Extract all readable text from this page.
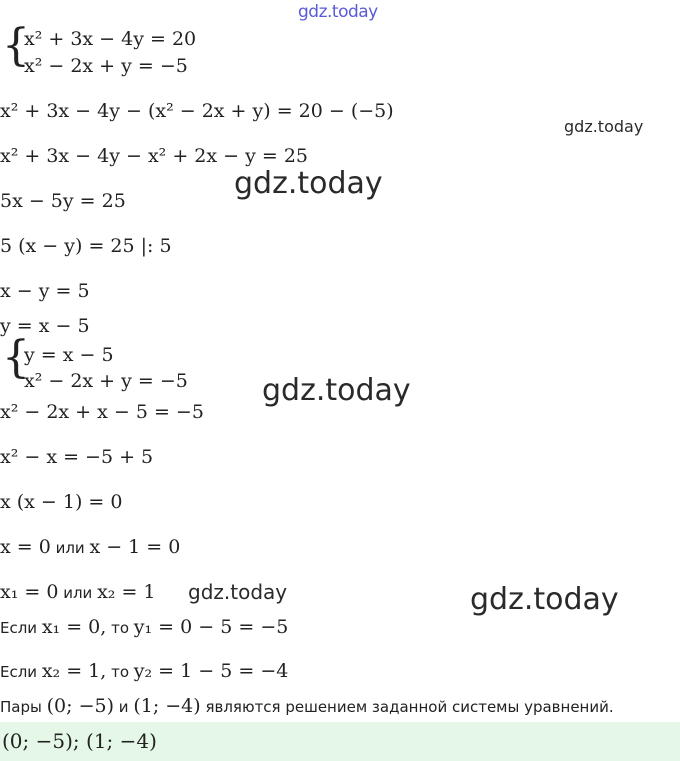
gdz.today
gdz.today
gdz.today
gdz.today
gdz.today	gdz.today
{
x² + 3x − 4y = 20
x² − 2x + y = −5
x² + 3x − 4y − (x² − 2x + y) = 20 − (−5)
x² + 3x − 4y − x² + 2x − y = 25
5x − 5y = 25
5 (x − y) = 25 |: 5
x − y = 5
y = x − 5
{
y = x − 5
x² − 2x + y = −5
x² − 2x + x − 5 = −5
x² − x = −5 + 5
x (x − 1) = 0
x = 0 или x − 1 = 0
x₁ = 0 или x₂ = 1
Если x₁ = 0, то y₁ = 0 − 5 = −5
Если x₂ = 1, то y₂ = 1 − 5 = −4
Пары (0; −5) и (1; −4) являются решением заданной системы уравнений.
(0; −5); (1; −4)
